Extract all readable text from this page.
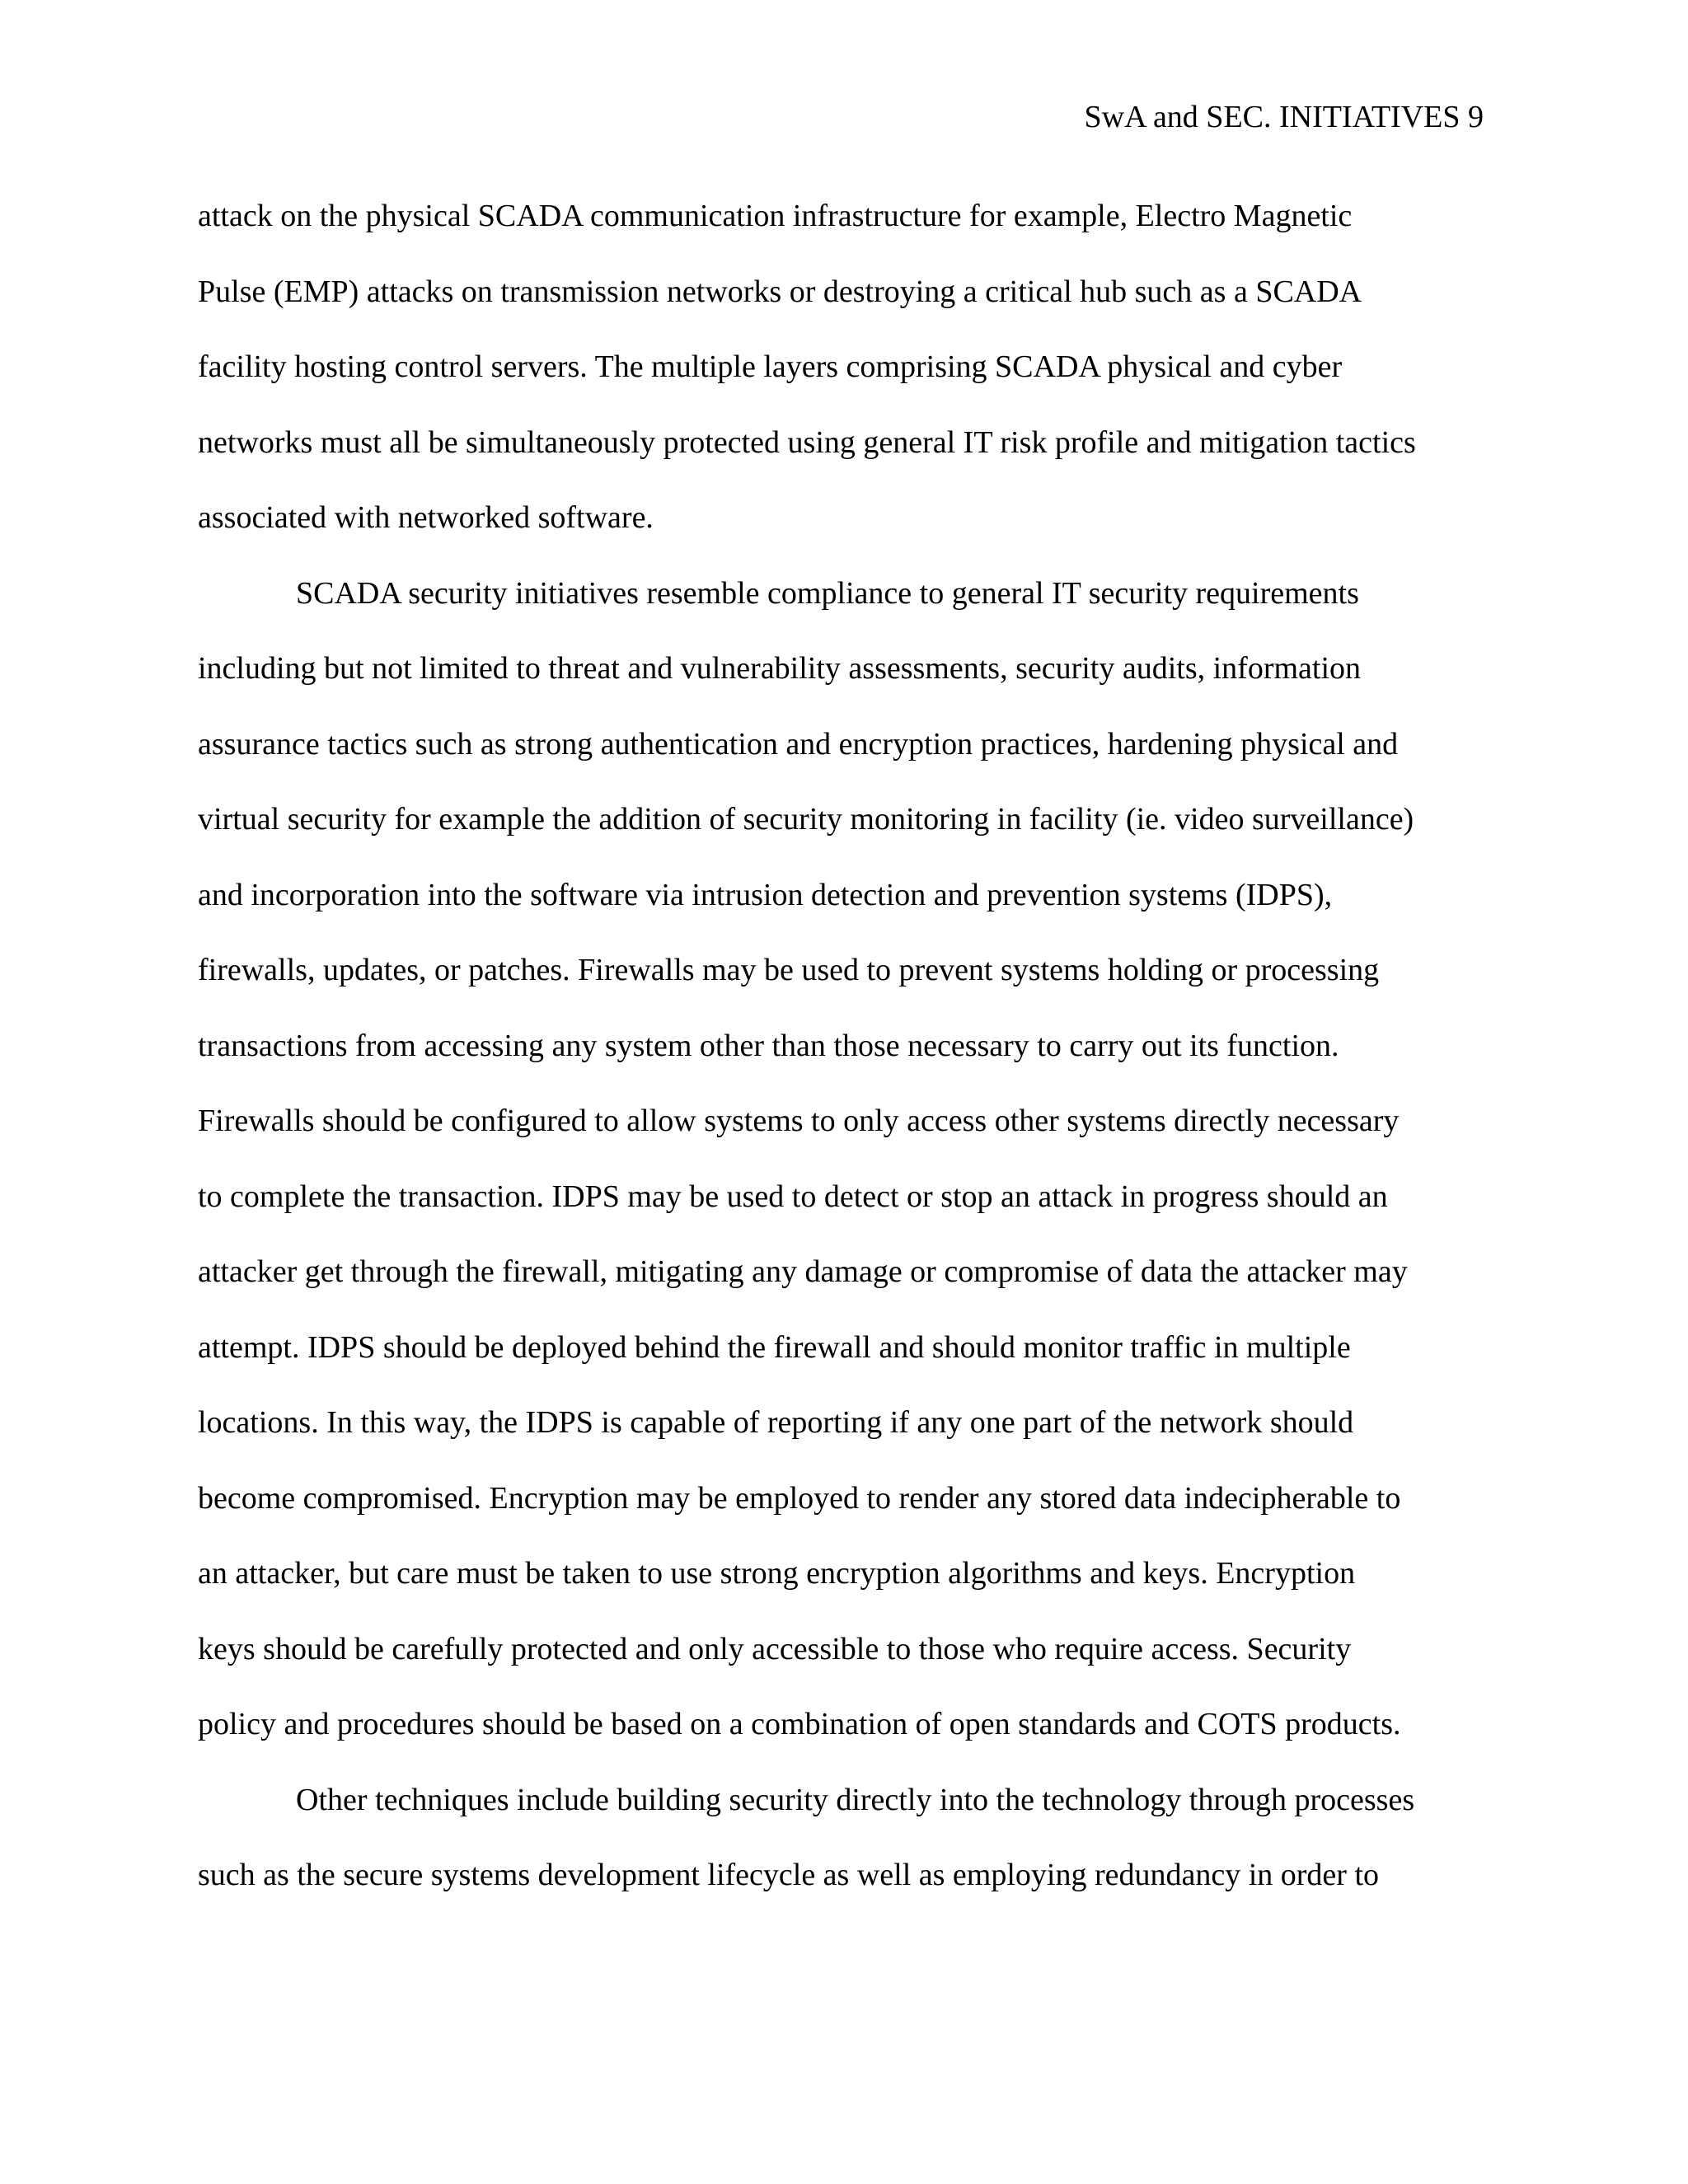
SwA and SEC. INITIATIVES 9
attack on the physical SCADA communication infrastructure for example, Electro Magnetic
Pulse (EMP) attacks on transmission networks or destroying a critical hub such as a SCADA
facility hosting control servers. The multiple layers comprising SCADA physical and cyber
networks must all be simultaneously protected using general IT risk profile and mitigation tactics
associated with networked software.
SCADA security initiatives resemble compliance to general IT security requirements
including but not limited to threat and vulnerability assessments, security audits, information
assurance tactics such as strong authentication and encryption practices, hardening physical and
virtual security for example the addition of security monitoring in facility (ie. video surveillance)
and incorporation into the software via intrusion detection and prevention systems (IDPS),
firewalls, updates, or patches. Firewalls may be used to prevent systems holding or processing
transactions from accessing any system other than those necessary to carry out its function.
Firewalls should be configured to allow systems to only access other systems directly necessary
to complete the transaction. IDPS may be used to detect or stop an attack in progress should an
attacker get through the firewall, mitigating any damage or compromise of data the attacker may
attempt. IDPS should be deployed behind the firewall and should monitor traffic in multiple
locations. In this way, the IDPS is capable of reporting if any one part of the network should
become compromised. Encryption may be employed to render any stored data indecipherable to
an attacker, but care must be taken to use strong encryption algorithms and keys. Encryption
keys should be carefully protected and only accessible to those who require access. Security
policy and procedures should be based on a combination of open standards and COTS products.
Other techniques include building security directly into the technology through processes
such as the secure systems development lifecycle as well as employing redundancy in order to
